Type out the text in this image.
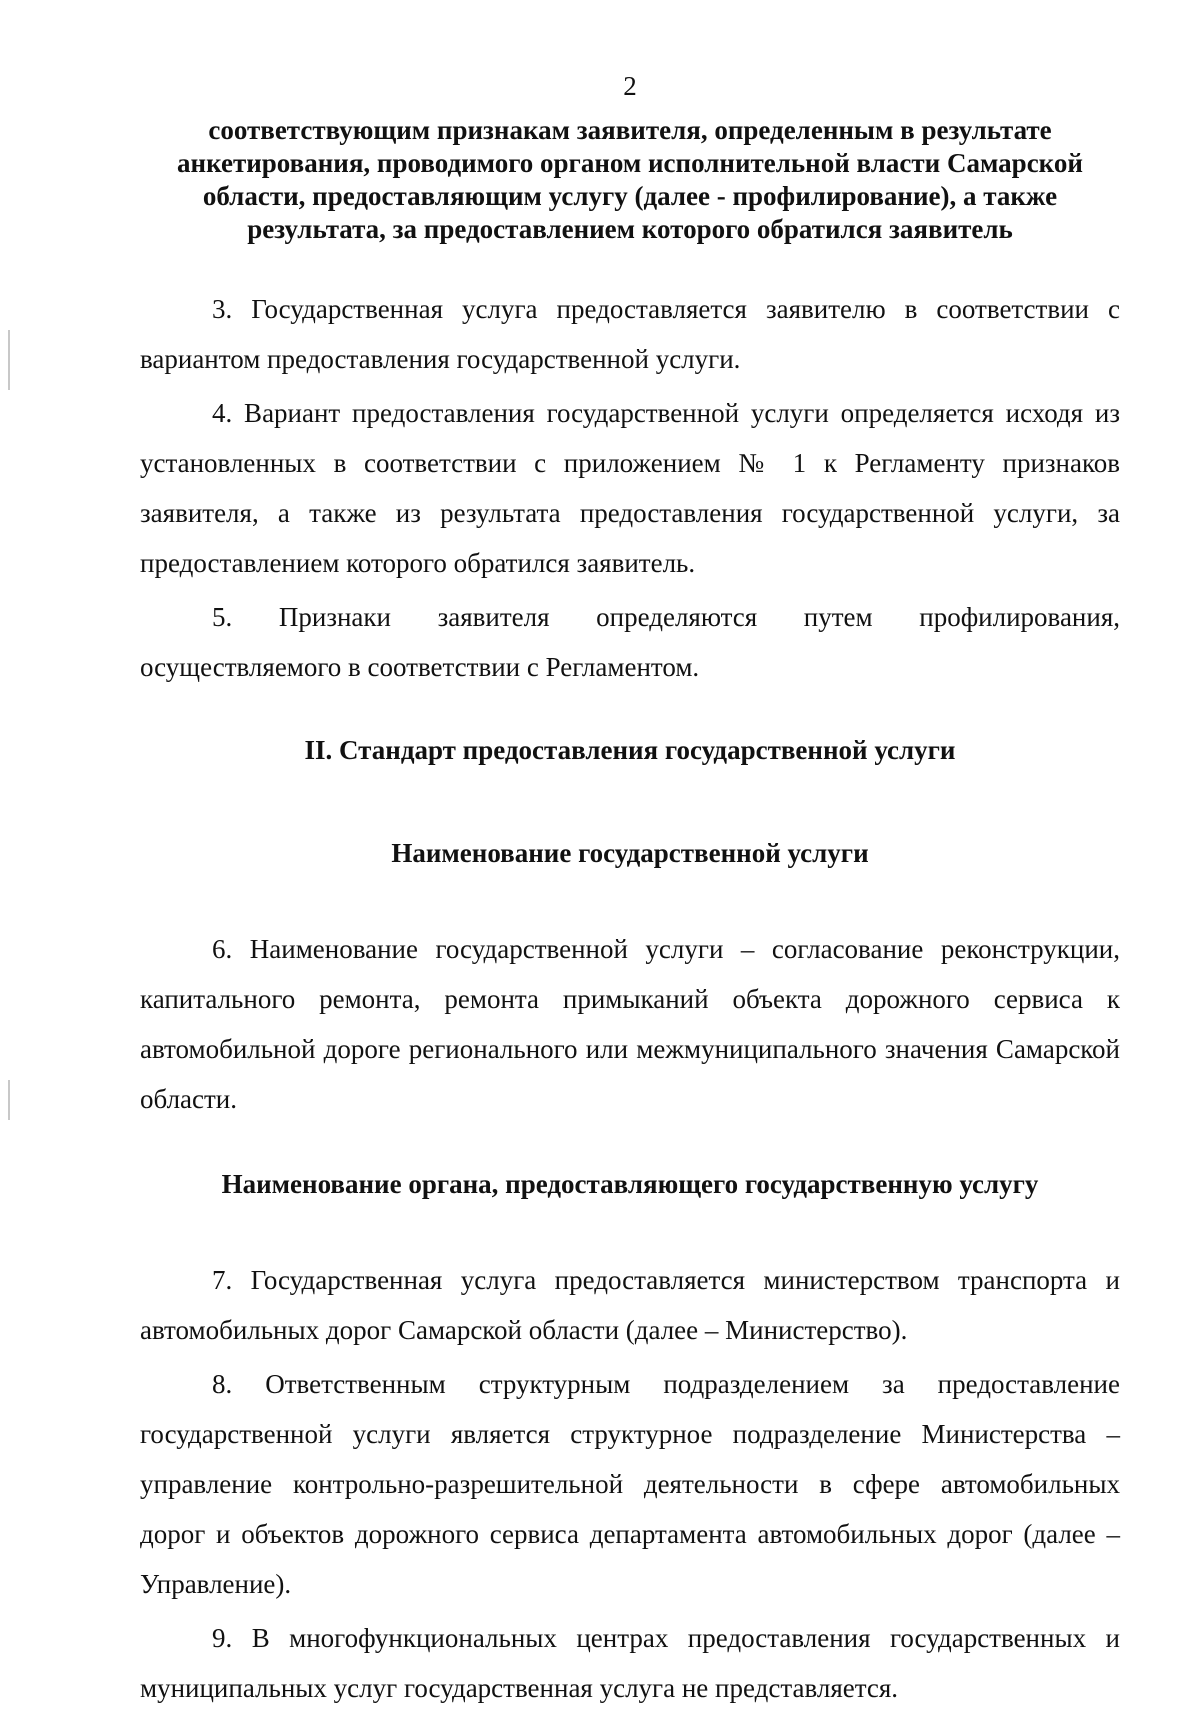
2
соответствующим признакам заявителя, определенным в результате анкетирования, проводимого органом исполнительной власти Самарской области, предоставляющим услугу (далее - профилирование), а также результата, за предоставлением которого обратился заявитель

3. Государственная услуга предоставляется заявителю в соответствии с вариантом предоставления государственной услуги.

4. Вариант предоставления государственной услуги определяется исходя из установленных в соответствии с приложением № 1 к Регламенту признаков заявителя, а также из результата предоставления государственной услуги, за предоставлением которого обратился заявитель.

5. Признаки заявителя определяются путем профилирования, осуществляемого в соответствии с Регламентом.

II. Стандарт предоставления государственной услуги
Наименование государственной услуги

6. Наименование государственной услуги – согласование реконструкции, капитального ремонта, ремонта примыканий объекта дорожного сервиса к автомобильной дороге регионального или межмуниципального значения Самарской области.

Наименование органа, предоставляющего государственную услугу

7. Государственная услуга предоставляется министерством транспорта и автомобильных дорог Самарской области (далее – Министерство).

8. Ответственным структурным подразделением за предоставление государственной услуги является структурное подразделение Министерства – управление контрольно-разрешительной деятельности в сфере автомобильных дорог и объектов дорожного сервиса департамента автомобильных дорог (далее – Управление).

9. В многофункциональных центрах предоставления государственных и муниципальных услуг государственная услуга не представляется.
